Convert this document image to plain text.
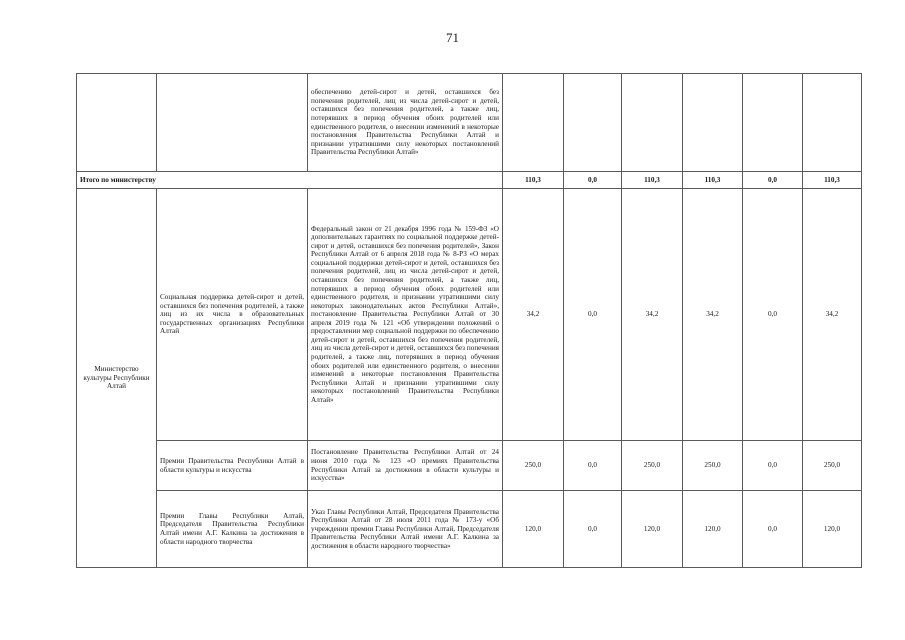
71

		обеспечению детей-сирот и детей, оставшихся без попечения родителей, лиц из числа детей-сирот и детей, оставшихся без попечения родителей, а также лиц, потерявших в период обучения обоих родителей или единственного родителя, о внесении изменений в некоторые постановления Правительства Республики Алтай и признании утратившими силу некоторых постановлений Правительства Республики Алтай»						

Итого по министерству			110,3	0,0	110,3	110,3	0,0	110,3
Министерство культуры Республики Алтай	Социальная поддержка детей-сирот и детей, оставшихся без попечения родителей, а также лиц из их числа в образовательных государственных организациях Республики Алтай	Федеральный закон от 21 декабря 1996 года № 159-ФЗ «О дополнительных гарантиях по социальной поддержке детей-сирот и детей, оставшихся без попечения родителей», Закон Республики Алтай от 6 апреля 2018 года № 8-РЗ «О мерах социальной поддержки детей-сирот и детей, оставшихся без попечения родителей, лиц из числа детей-сирот и детей, оставшихся без попечения родителей, а также лиц, потерявших в период обучения обоих родителей или единственного родителя, и признании утратившими силу некоторых законодательных актов Республики Алтай», постановление Правительства Республики Алтай от 30 апреля 2019 года № 121 «Об утверждении положений о предоставлении мер социальной поддержки по обеспечению детей-сирот и детей, оставшихся без попечения родителей, лиц из числа детей-сирот и детей, оставшихся без попечения родителей, а также лиц, потерявших в период обучения обоих родителей или единственного родителя, о внесении изменений в некоторые постановления Правительства Республики Алтай и признании утратившими силу некоторых постановлений Правительства Республики Алтай»	34,2	0,0	34,2	34,2	0,0	34,2
	Премии Правительства Республики Алтай в области культуры и искусства	Постановление Правительства Республики Алтай от 24 июня 2010 года № 123 «О премиях Правительства Республики Алтай за достижения в области культуры и искусства»	250,0	0,0	250,0	250,0	0,0	250,0
	Премии Главы Республики Алтай, Председателя Правительства Республики Алтай имени А.Г. Калкина за достижения в области народного творчества	Указ Главы Республики Алтай, Председателя Правительства Республики Алтай от 28 июля 2011 года № 173-у «Об учреждении премии Главы Республики Алтай, Председателя Правительства Республики Алтай имени А.Г. Калкина за достижения в области народного творчества»	120,0	0,0	120,0	120,0	0,0	120,0
